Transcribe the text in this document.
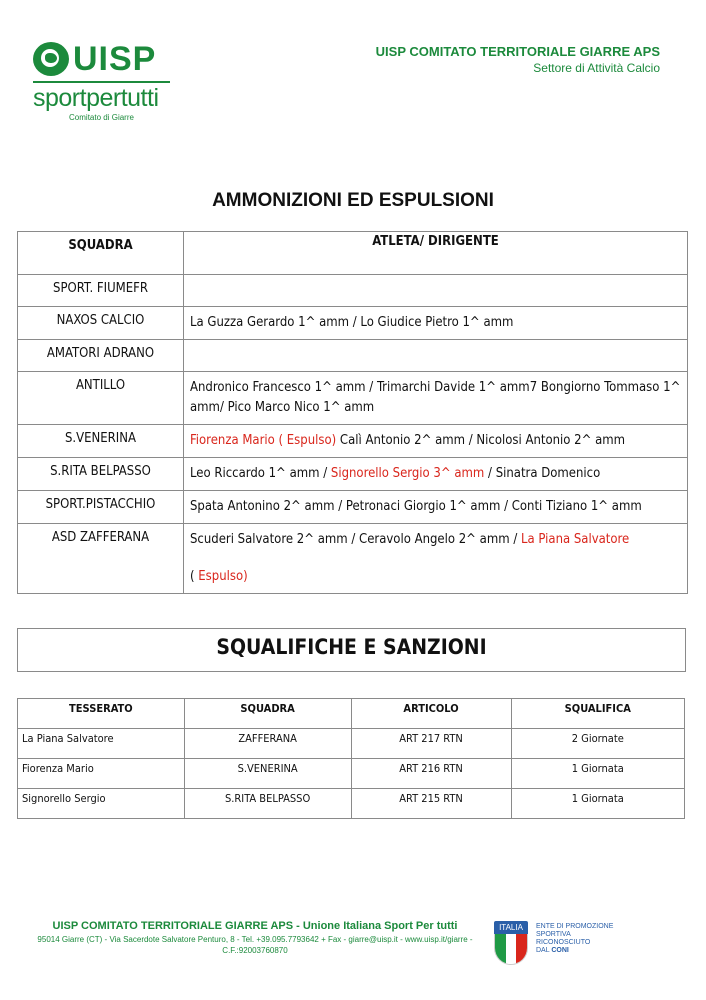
UISP
sportpertutti
Comitato di Giarre
UISP COMITATO TERRITORIALE GIARRE APS
Settore di Attività Calcio
AMMONIZIONI ED ESPULSIONI
SQUADRA	ATLETA/ DIRIGENTE
SPORT. FIUMEFR	
NAXOS CALCIO	La Guzza Gerardo 1^ amm / Lo Giudice Pietro 1^ amm
AMATORI ADRANO	
ANTILLO	Andronico Francesco 1^ amm / Trimarchi Davide 1^ amm7 Bongiorno Tommaso 1^ amm/ Pico Marco Nico 1^ amm
S.VENERINA	Fiorenza Mario ( Espulso) Calì Antonio 2^ amm / Nicolosi Antonio 2^ amm
S.RITA BELPASSO	Leo Riccardo 1^ amm / Signorello Sergio 3^ amm / Sinatra Domenico
SPORT.PISTACCHIO	Spata Antonino 2^ amm / Petronaci Giorgio 1^ amm / Conti Tiziano 1^ amm
ASD ZAFFERANA	Scuderi Salvatore 2^ amm / Ceravolo Angelo 2^ amm / La Piana Salvatore
( Espulso)
SQUALIFICHE E SANZIONI
TESSERATO	SQUADRA	ARTICOLO	SQUALIFICA
La Piana Salvatore	ZAFFERANA	ART 217 RTN	2 Giornate
Fiorenza Mario	S.VENERINA	ART 216 RTN	1 Giornata
Signorello Sergio	S.RITA BELPASSO	ART 215 RTN	1 Giornata
UISP COMITATO TERRITORIALE GIARRE APS - Unione Italiana Sport Per tutti
95014 Giarre (CT) - Via Sacerdote Salvatore Penturo, 8 - Tel. +39.095.7793642 + Fax - giarre@uisp.it - www.uisp.it/giarre - C.F.:92003760870
ITALIA	ENTE DI PROMOZIONE
SPORTIVA
RICONOSCIUTO
DAL CONI
